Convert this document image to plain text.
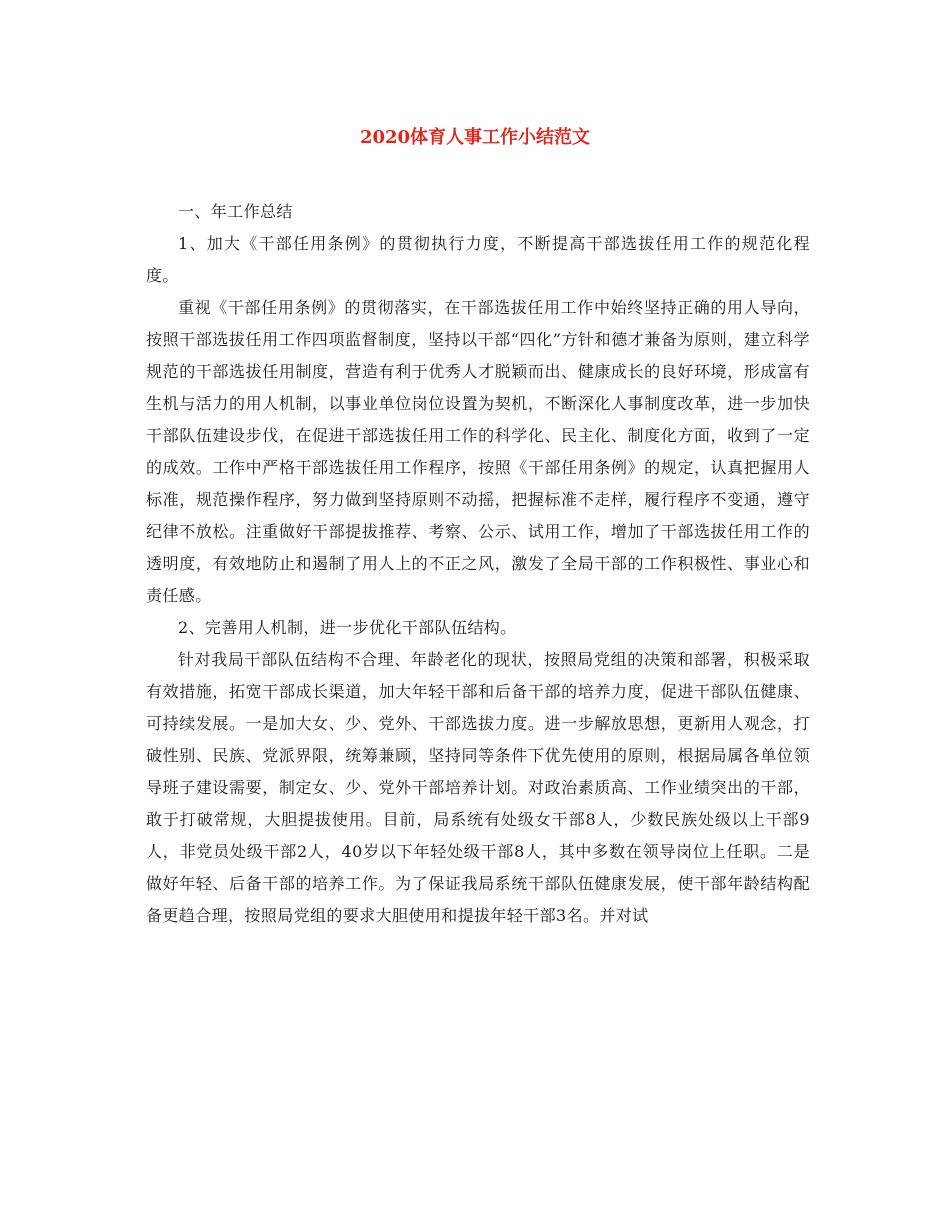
2020体育人事工作小结范文

一、年工作总结

1、加大《干部任用条例》的贯彻执行力度，不断提高干部选拔任用工作的规范化程度。

重视《干部任用条例》的贯彻落实，在干部选拔任用工作中始终坚持正确的用人导向，按照干部选拔任用工作四项监督制度，坚持以干部“四化”方针和德才兼备为原则，建立科学规范的干部选拔任用制度，营造有利于优秀人才脱颖而出、健康成长的良好环境，形成富有生机与活力的用人机制，以事业单位岗位设置为契机，不断深化人事制度改革，进一步加快干部队伍建设步伐，在促进干部选拔任用工作的科学化、民主化、制度化方面，收到了一定的成效。工作中严格干部选拔任用工作程序，按照《干部任用条例》的规定，认真把握用人标准，规范操作程序，努力做到坚持原则不动摇，把握标准不走样，履行程序不变通，遵守纪律不放松。注重做好干部提拔推荐、考察、公示、试用工作，增加了干部选拔任用工作的透明度，有效地防止和遏制了用人上的不正之风，激发了全局干部的工作积极性、事业心和责任感。

2、完善用人机制，进一步优化干部队伍结构。

针对我局干部队伍结构不合理、年龄老化的现状，按照局党组的决策和部署，积极采取有效措施，拓宽干部成长渠道，加大年轻干部和后备干部的培养力度，促进干部队伍健康、可持续发展。一是加大女、少、党外、干部选拔力度。进一步解放思想，更新用人观念，打破性别、民族、党派界限，统筹兼顾，坚持同等条件下优先使用的原则，根据局属各单位领导班子建设需要，制定女、少、党外干部培养计划。对政治素质高、工作业绩突出的干部，敢于打破常规，大胆提拔使用。目前，局系统有处级女干部8人，少数民族处级以上干部9人，非党员处级干部2人，40岁以下年轻处级干部8人，其中多数在领导岗位上任职。二是做好年轻、后备干部的培养工作。为了保证我局系统干部队伍健康发展，使干部年龄结构配备更趋合理，按照局党组的要求大胆使用和提拔年轻干部3名。并对试
